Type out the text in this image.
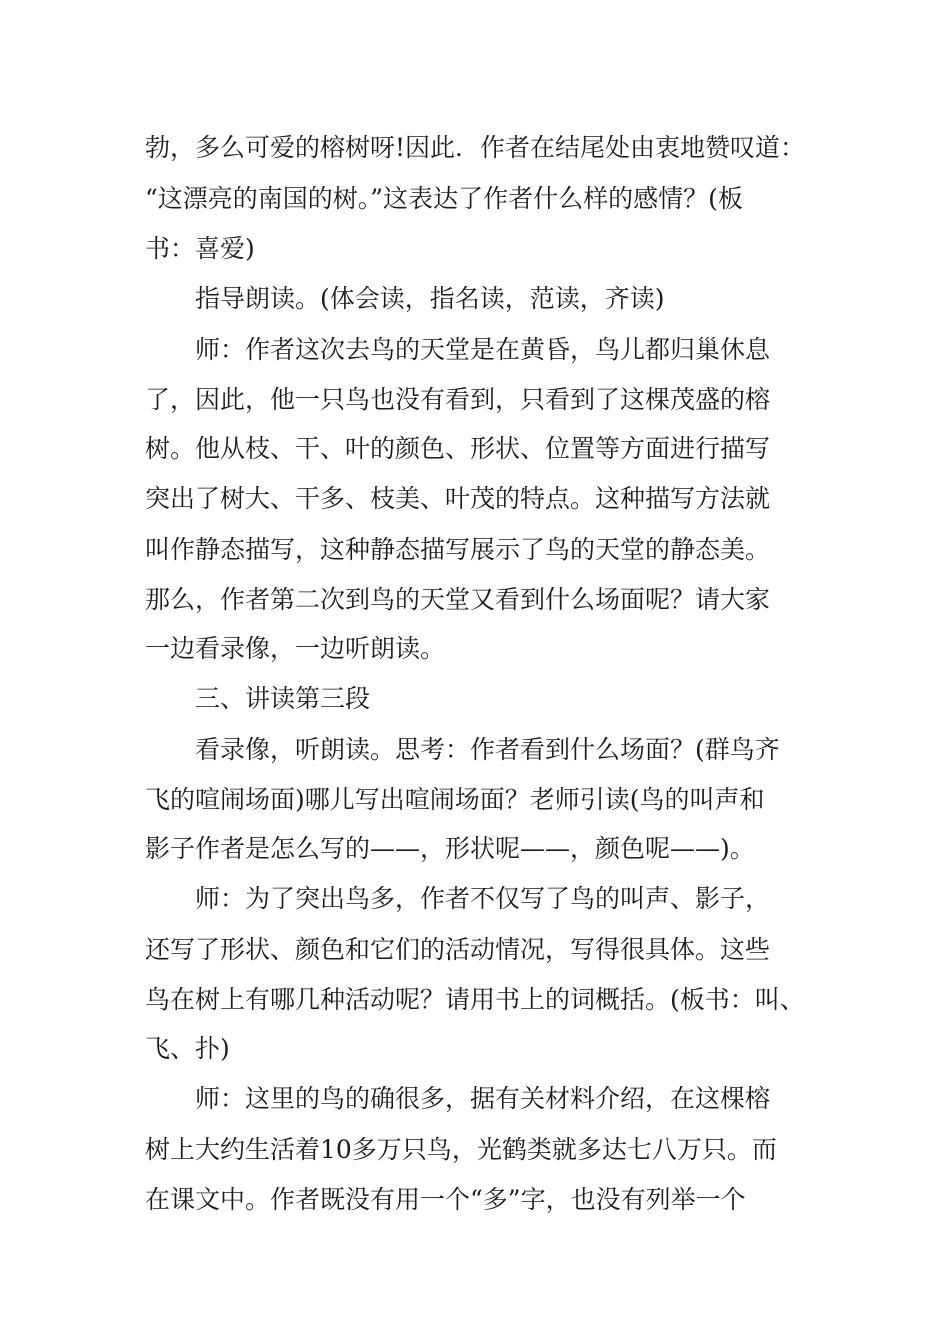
勃，多么可爱的榕树呀!因此．作者在结尾处由衷地赞叹道：
“这漂亮的南国的树。”这表达了作者什么样的感情？(板
书：喜爱)
指导朗读。(体会读，指名读，范读，齐读)
师：作者这次去鸟的天堂是在黄昏，鸟儿都归巢休息
了，因此，他一只鸟也没有看到，只看到了这棵茂盛的榕
树。他从枝、干、叶的颜色、形状、位置等方面进行描写
突出了树大、干多、枝美、叶茂的特点。这种描写方法就
叫作静态描写，这种静态描写展示了鸟的天堂的静态美。
那么，作者第二次到鸟的天堂又看到什么场面呢？请大家
一边看录像，一边听朗读。
三、讲读第三段
看录像，听朗读。思考：作者看到什么场面？(群鸟齐
飞的喧闹场面)哪儿写出喧闹场面？老师引读(鸟的叫声和
影子作者是怎么写的——，形状呢——，颜色呢——)。
师：为了突出鸟多，作者不仅写了鸟的叫声、影子，
还写了形状、颜色和它们的活动情况，写得很具体。这些
鸟在树上有哪几种活动呢？请用书上的词概括。(板书：叫、
飞、扑)
师：这里的鸟的确很多，据有关材料介绍，在这棵榕
树上大约生活着10多万只鸟，光鹤类就多达七八万只。而
在课文中。作者既没有用一个“多”字，也没有列举一个
